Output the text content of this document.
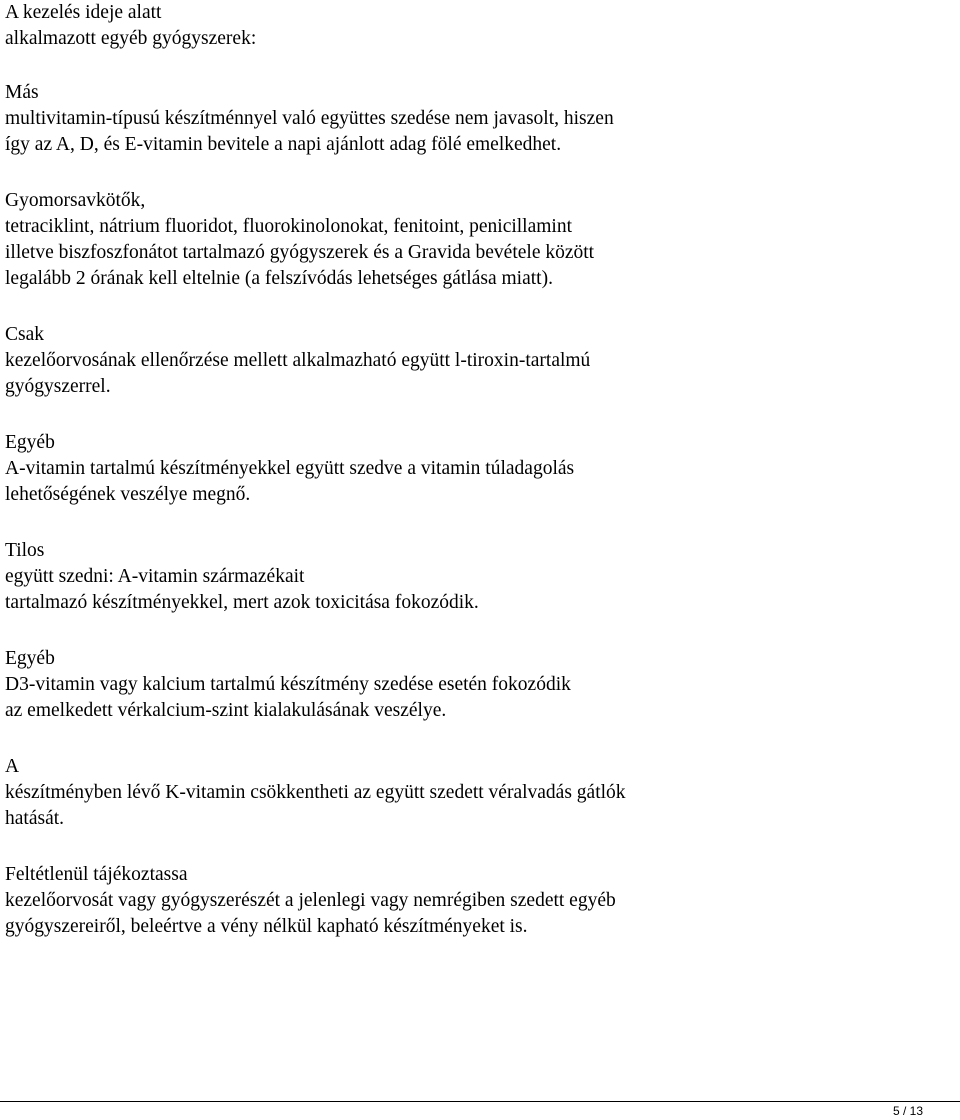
A kezelés ideje alatt
alkalmazott egyéb gyógyszerek:
Más
multivitamin-típusú készítménnyel való együttes szedése nem javasolt, hiszen
így az A, D, és E-vitamin bevitele a napi ajánlott adag fölé emelkedhet.
Gyomorsavkötők,
tetraciklint, nátrium fluoridot, fluorokinolonokat, fenitoint, penicillamint
illetve biszfoszfonátot tartalmazó gyógyszerek és a Gravida bevétele között
legalább 2 órának kell eltelnie (a felszívódás lehetséges gátlása miatt).
Csak
kezelőorvosának ellenőrzése mellett alkalmazható együtt l-tiroxin-tartalmú
gyógyszerrel.
Egyéb
A-vitamin tartalmú készítményekkel együtt szedve a vitamin túladagolás
lehetőségének veszélye megnő.
Tilos
együtt szedni: A-vitamin származékait
tartalmazó készítményekkel, mert azok toxicitása fokozódik.
Egyéb
D3-vitamin vagy kalcium tartalmú készítmény szedése esetén fokozódik
az emelkedett vérkalcium-szint kialakulásának veszélye.
A
készítményben lévő K-vitamin csökkentheti az együtt szedett véralvadás gátlók
hatását.
Feltétlenül tájékoztassa
kezelőorvosát vagy gyógyszerészét a jelenlegi vagy nemrégiben szedett egyéb
gyógyszereiről, beleértve a vény nélkül kapható készítményeket is.
5 / 13
